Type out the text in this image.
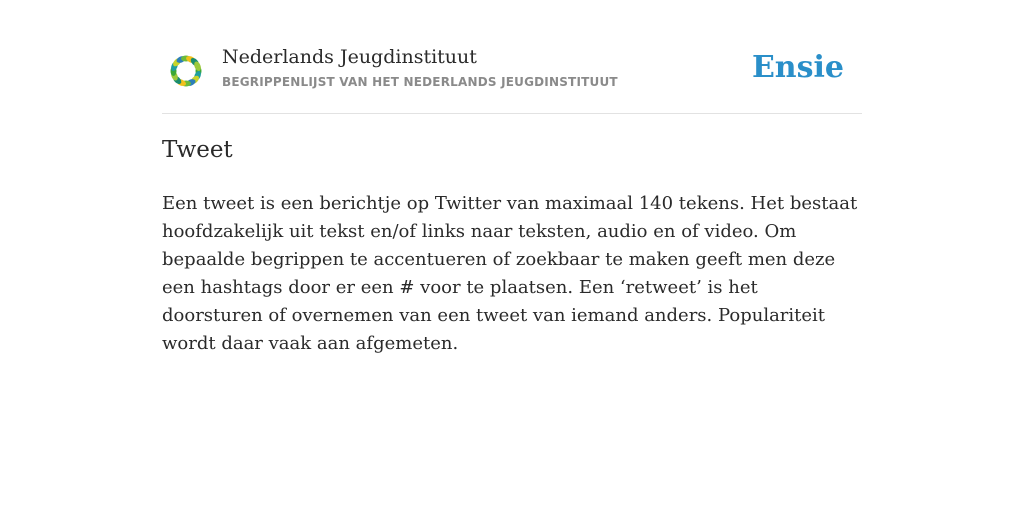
Nederlands Jeugdinstituut
BEGRIPPENLIJST VAN HET NEDERLANDS JEUGDINSTITUUT	Ensie
Tweet

Een tweet is een berichtje op Twitter van maximaal 140 tekens. Het bestaat hoofdzakelijk uit tekst en/of links naar teksten, audio en of video. Om bepaalde begrippen te accentueren of zoekbaar te maken geeft men deze een hashtags door er een # voor te plaatsen. Een ‘retweet’ is het doorsturen of overnemen van een tweet van iemand anders. Populariteit wordt daar vaak aan afgemeten.
